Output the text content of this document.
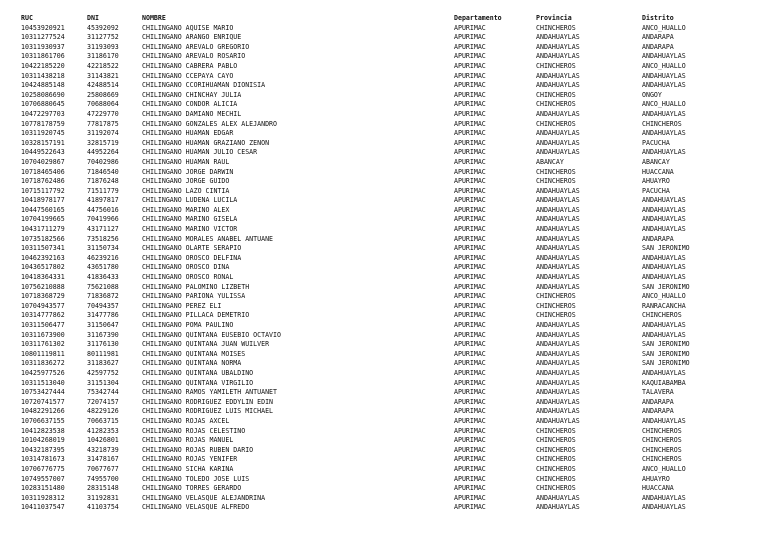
RUC	DNI	NOMBRE	Departamento	Provincia	Distrito
10453920921	45392092	CHILINGANO AQUISE MARIO	APURIMAC	CHINCHEROS	ANCO_HUALLO
10311277524	31127752	CHILINGANO ARANGO ENRIQUE	APURIMAC	ANDAHUAYLAS	ANDARAPA
10311930937	31193093	CHILINGANO AREVALO GREGORIO	APURIMAC	ANDAHUAYLAS	ANDARAPA
10311861706	31186170	CHILINGANO AREVALO ROSARIO	APURIMAC	ANDAHUAYLAS	ANDAHUAYLAS
10422185220	42218522	CHILINGANO CABRERA PABLO	APURIMAC	CHINCHEROS	ANCO_HUALLO
10311438218	31143821	CHILINGANO CCEPAYA CAYO	APURIMAC	ANDAHUAYLAS	ANDAHUAYLAS
10424885148	42488514	CHILINGANO CCORIHUAMAN DIONISIA	APURIMAC	ANDAHUAYLAS	ANDAHUAYLAS
10258086690	25808669	CHILINGANO CHINCHAY JULIA	APURIMAC	CHINCHEROS	ONGOY
10706880645	70688064	CHILINGANO CONDOR ALICIA	APURIMAC	CHINCHEROS	ANCO_HUALLO
10472297703	47229770	CHILINGANO DAMIANO MECHIL	APURIMAC	ANDAHUAYLAS	ANDAHUAYLAS
10778178759	77817875	CHILINGANO GONZALES ALEX ALEJANDRO	APURIMAC	CHINCHEROS	CHINCHEROS
10311920745	31192074	CHILINGANO HUAMAN EDGAR	APURIMAC	ANDAHUAYLAS	ANDAHUAYLAS
10328157191	32815719	CHILINGANO HUAMAN GRAZIANO ZENON	APURIMAC	ANDAHUAYLAS	PACUCHA
10449522643	44952264	CHILINGANO HUAMAN JULIO CESAR	APURIMAC	ANDAHUAYLAS	ANDAHUAYLAS
10704029867	70402986	CHILINGANO HUAMAN RAUL	APURIMAC	ABANCAY	ABANCAY
10718465406	71846540	CHILINGANO JORGE DARWIN	APURIMAC	CHINCHEROS	HUACCANA
10718762486	71876248	CHILINGANO JORGE GUIDO	APURIMAC	CHINCHEROS	AHUAYRO
10715117792	71511779	CHILINGANO LAZO CINTIA	APURIMAC	ANDAHUAYLAS	PACUCHA
10418978177	41897817	CHILINGANO LUDEÑA LUCILA	APURIMAC	ANDAHUAYLAS	ANDAHUAYLAS
10447560165	44756016	CHILINGANO MARIÑO ALEX	APURIMAC	ANDAHUAYLAS	ANDAHUAYLAS
10704199665	70419966	CHILINGANO MARIÑO GISELA	APURIMAC	ANDAHUAYLAS	ANDAHUAYLAS
10431711279	43171127	CHILINGANO MARIÑO VICTOR	APURIMAC	ANDAHUAYLAS	ANDAHUAYLAS
10735182566	73518256	CHILINGANO MORALES ANABEL ANTUANE	APURIMAC	ANDAHUAYLAS	ANDARAPA
10311507341	31150734	CHILINGANO OLARTE SERAPIO	APURIMAC	ANDAHUAYLAS	SAN JERONIMO
10462392163	46239216	CHILINGANO OROSCO DELFINA	APURIMAC	ANDAHUAYLAS	ANDAHUAYLAS
10436517802	43651780	CHILINGANO OROSCO DINA	APURIMAC	ANDAHUAYLAS	ANDAHUAYLAS
10418364331	41836433	CHILINGANO OROSCO RONAL	APURIMAC	ANDAHUAYLAS	ANDAHUAYLAS
10756210888	75621088	CHILINGANO PALOMINO LIZBETH	APURIMAC	ANDAHUAYLAS	SAN JERONIMO
10718368729	71836872	CHILINGANO PARIONA YULISSA	APURIMAC	CHINCHEROS	ANCO_HUALLO
10704943577	70494357	CHILINGANO PEREZ ELI	APURIMAC	CHINCHEROS	RANRACANCHA
10314777862	31477786	CHILINGANO PILLACA DEMETRIO	APURIMAC	CHINCHEROS	CHINCHEROS
10311506477	31150647	CHILINGANO POMA PAULINO	APURIMAC	ANDAHUAYLAS	ANDAHUAYLAS
10311673900	31167390	CHILINGANO QUINTANA EUSEBIO OCTAVIO	APURIMAC	ANDAHUAYLAS	ANDAHUAYLAS
10311761302	31176130	CHILINGANO QUINTANA JUAN WUILVER	APURIMAC	ANDAHUAYLAS	SAN JERONIMO
10801119811	80111981	CHILINGANO QUINTANA MOISES	APURIMAC	ANDAHUAYLAS	SAN JERONIMO
10311836272	31183627	CHILINGANO QUINTANA NORMA	APURIMAC	ANDAHUAYLAS	SAN JERONIMO
10425977526	42597752	CHILINGANO QUINTANA UBALDINO	APURIMAC	ANDAHUAYLAS	ANDAHUAYLAS
10311513040	31151304	CHILINGANO QUINTANA VIRGILIO	APURIMAC	ANDAHUAYLAS	KAQUIABAMBA
10753427444	75342744	CHILINGANO RAMOS YAMILETH ANTUANET	APURIMAC	ANDAHUAYLAS	TALAVERA
10720741577	72074157	CHILINGANO RODRIGUEZ EDDYLIN EDIN	APURIMAC	ANDAHUAYLAS	ANDARAPA
10482291266	48229126	CHILINGANO RODRIGUEZ LUIS MICHAEL	APURIMAC	ANDAHUAYLAS	ANDARAPA
10706637155	70663715	CHILINGANO ROJAS AXCEL	APURIMAC	ANDAHUAYLAS	ANDAHUAYLAS
10412823538	41282353	CHILINGANO ROJAS CELESTINO	APURIMAC	CHINCHEROS	CHINCHEROS
10104268019	10426801	CHILINGANO ROJAS MANUEL	APURIMAC	CHINCHEROS	CHINCHEROS
10432187395	43218739	CHILINGANO ROJAS RUBEN DARIO	APURIMAC	CHINCHEROS	CHINCHEROS
10314781673	31478167	CHILINGANO ROJAS YENIFER	APURIMAC	CHINCHEROS	CHINCHEROS
10706776775	70677677	CHILINGANO SICHA KARINA	APURIMAC	CHINCHEROS	ANCO_HUALLO
10749557007	74955700	CHILINGANO TOLEDO JOSE LUIS	APURIMAC	CHINCHEROS	AHUAYRO
10283151480	28315148	CHILINGANO TORRES GERARDO	APURIMAC	CHINCHEROS	HUACCANA
10311928312	31192831	CHILINGANO VELASQUE ALEJANDRINA	APURIMAC	ANDAHUAYLAS	ANDAHUAYLAS
10411037547	41103754	CHILINGANO VELASQUE ALFREDO	APURIMAC	ANDAHUAYLAS	ANDAHUAYLAS
